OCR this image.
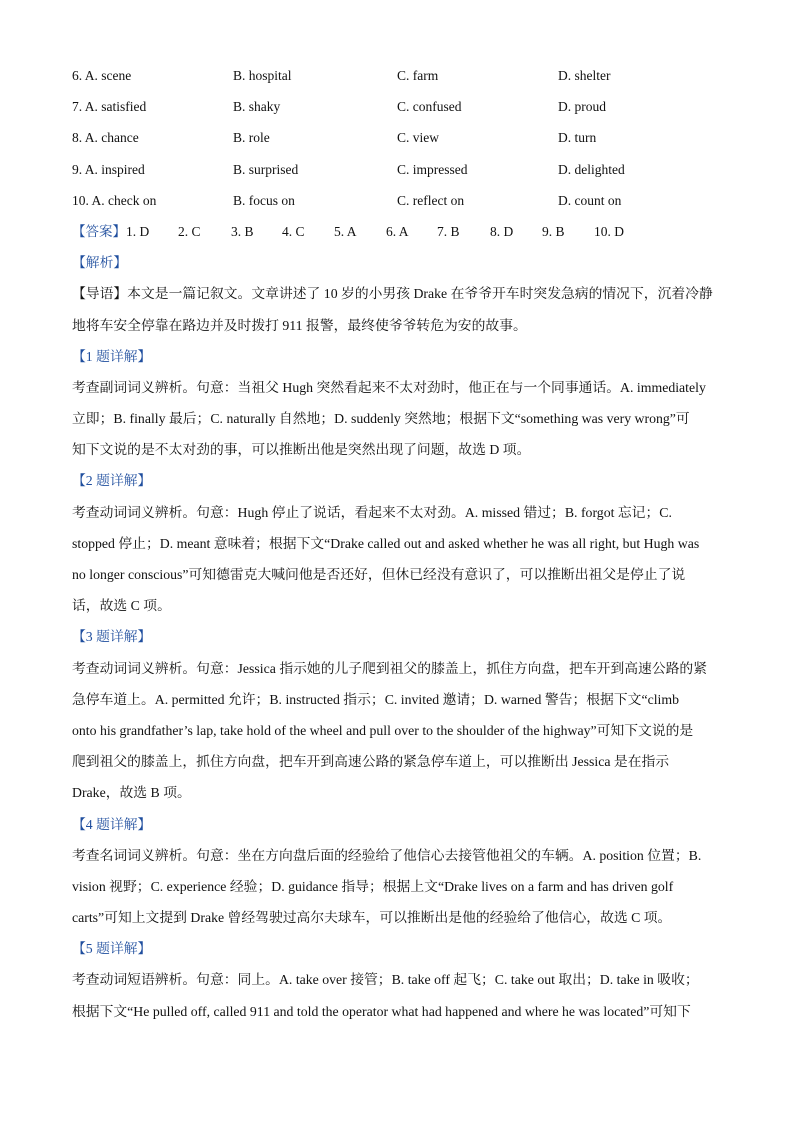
6. A. scene	B. hospital	C. farm	D. shelter
7. A. satisfied	B. shaky	C. confused	D. proud
8. A. chance	B. role	C. view	D. turn
9. A. inspired	B. surprised	C. impressed	D. delighted
10. A. check on	B. focus on	C. reflect on	D. count on
【答案】 1. D 2. C 3. B 4. C 5. A 6. A 7. B 8. D 9. B 10. D
【解析】
【导语】本文是一篇记叙文。文章讲述了 10 岁的小男孩 Drake 在爷爷开车时突发急病的情况下，沉着冷静
地将车安全停靠在路边并及时拨打 911 报警，最终使爷爷转危为安的故事。
【1 题详解】
考查副词词义辨析。句意：当祖父 Hugh 突然看起来不太对劲时，他正在与一个同事通话。A. immediately
立即；B. finally 最后；C. naturally 自然地；D. suddenly 突然地；根据下文“something was very wrong”可
知下文说的是不太对劲的事，可以推断出他是突然出现了问题，故选 D 项。
【2 题详解】
考查动词词义辨析。句意：Hugh 停止了说话，看起来不太对劲。A. missed 错过；B. forgot 忘记；C.
stopped 停止；D. meant 意味着；根据下文“Drake called out and asked whether he was all right, but Hugh was
no longer conscious”可知德雷克大喊问他是否还好，但休已经没有意识了，可以推断出祖父是停止了说
话，故选 C 项。
【3 题详解】
考查动词词义辨析。句意：Jessica 指示她的儿子爬到祖父的膝盖上，抓住方向盘，把车开到高速公路的紧
急停车道上。A. permitted 允许；B. instructed 指示；C. invited 邀请；D. warned 警告；根据下文“climb
onto his grandfather’s lap, take hold of the wheel and pull over to the shoulder of the highway”可知下文说的是
爬到祖父的膝盖上，抓住方向盘，把车开到高速公路的紧急停车道上，可以推断出 Jessica 是在指示
Drake，故选 B 项。
【4 题详解】
考查名词词义辨析。句意：坐在方向盘后面的经验给了他信心去接管他祖父的车辆。A. position 位置；B.
vision 视野；C. experience 经验；D. guidance 指导；根据上文“Drake lives on a farm and has driven golf
carts”可知上文提到 Drake 曾经驾驶过高尔夫球车，可以推断出是他的经验给了他信心，故选 C 项。
【5 题详解】
考查动词短语辨析。句意：同上。A. take over 接管；B. take off 起飞；C. take out 取出；D. take in 吸收；
根据下文“He pulled off, called 911 and told the operator what had happened and where he was located”可知下
